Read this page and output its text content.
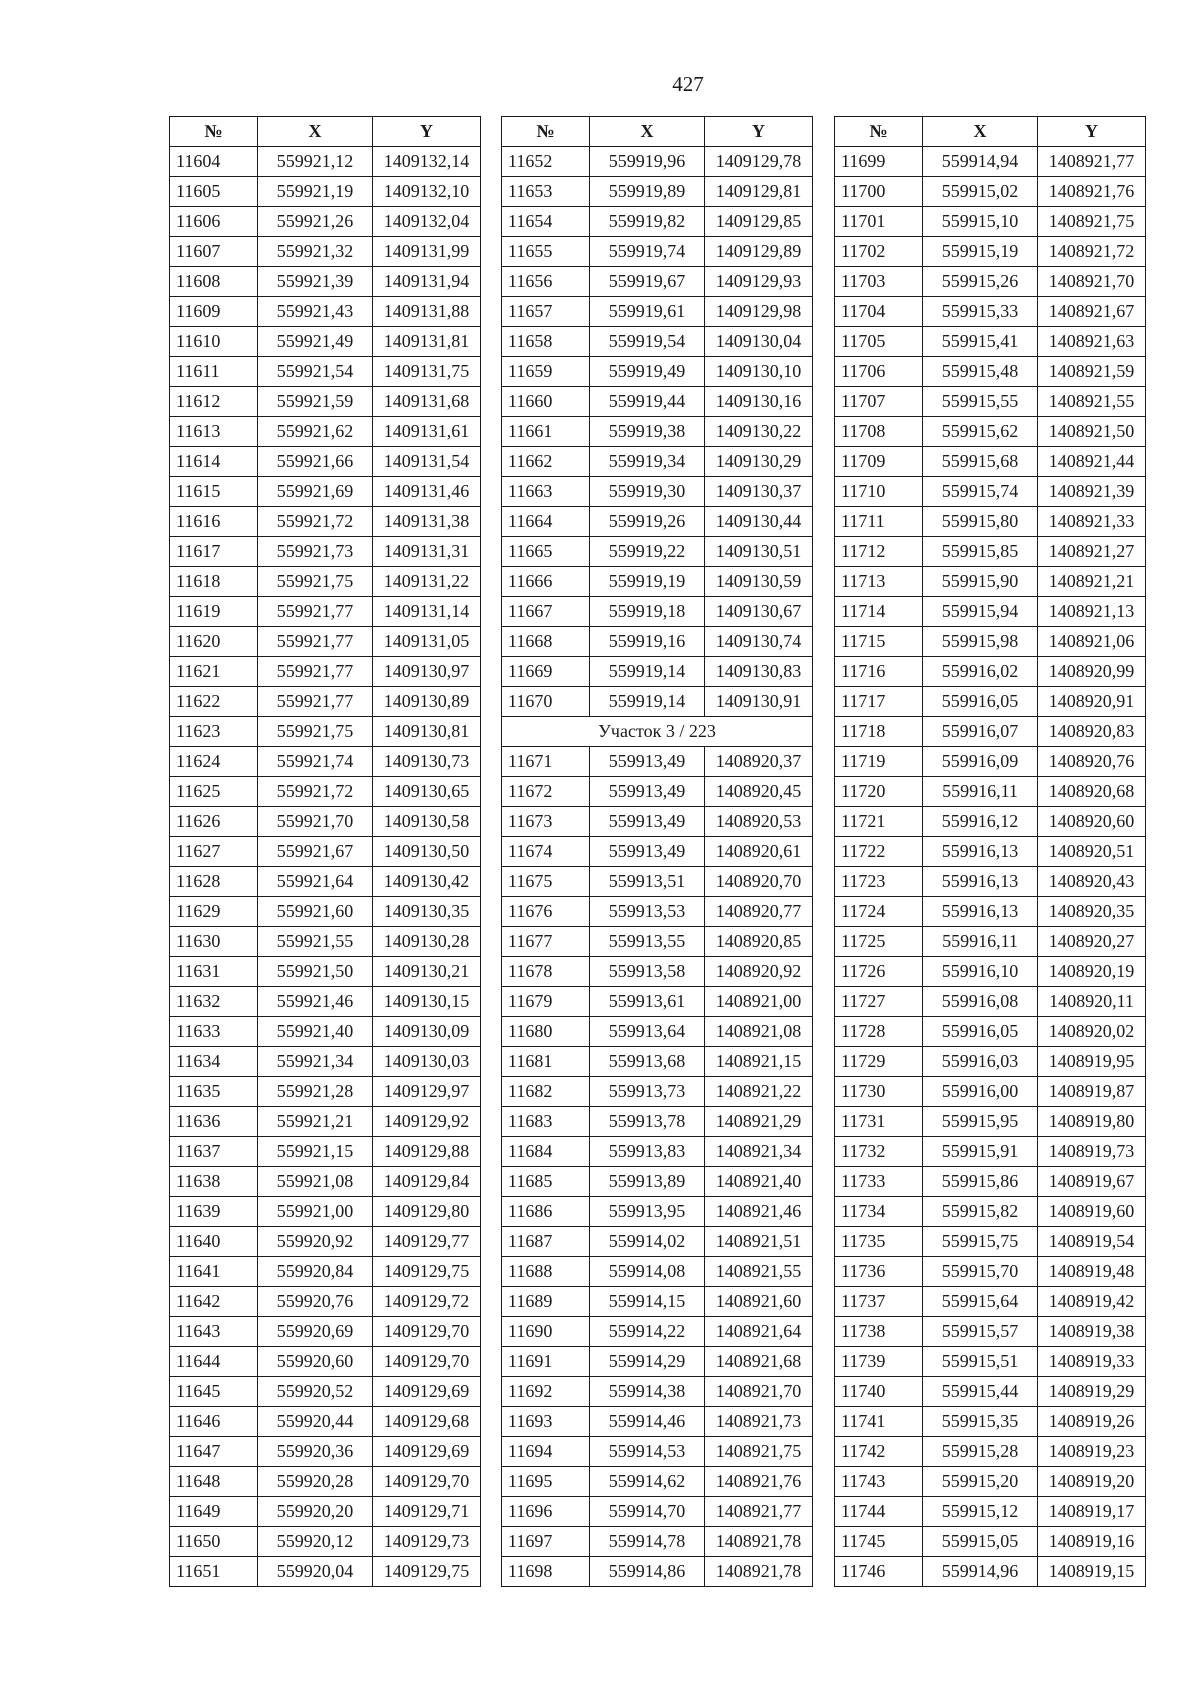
427
№	X	Y
11604	559921,12	1409132,14
11605	559921,19	1409132,10
11606	559921,26	1409132,04
11607	559921,32	1409131,99
11608	559921,39	1409131,94
11609	559921,43	1409131,88
11610	559921,49	1409131,81
11611	559921,54	1409131,75
11612	559921,59	1409131,68
11613	559921,62	1409131,61
11614	559921,66	1409131,54
11615	559921,69	1409131,46
11616	559921,72	1409131,38
11617	559921,73	1409131,31
11618	559921,75	1409131,22
11619	559921,77	1409131,14
11620	559921,77	1409131,05
11621	559921,77	1409130,97
11622	559921,77	1409130,89
11623	559921,75	1409130,81
11624	559921,74	1409130,73
11625	559921,72	1409130,65
11626	559921,70	1409130,58
11627	559921,67	1409130,50
11628	559921,64	1409130,42
11629	559921,60	1409130,35
11630	559921,55	1409130,28
11631	559921,50	1409130,21
11632	559921,46	1409130,15
11633	559921,40	1409130,09
11634	559921,34	1409130,03
11635	559921,28	1409129,97
11636	559921,21	1409129,92
11637	559921,15	1409129,88
11638	559921,08	1409129,84
11639	559921,00	1409129,80
11640	559920,92	1409129,77
11641	559920,84	1409129,75
11642	559920,76	1409129,72
11643	559920,69	1409129,70
11644	559920,60	1409129,70
11645	559920,52	1409129,69
11646	559920,44	1409129,68
11647	559920,36	1409129,69
11648	559920,28	1409129,70
11649	559920,20	1409129,71
11650	559920,12	1409129,73
11651	559920,04	1409129,75
№	X	Y
11652	559919,96	1409129,78
11653	559919,89	1409129,81
11654	559919,82	1409129,85
11655	559919,74	1409129,89
11656	559919,67	1409129,93
11657	559919,61	1409129,98
11658	559919,54	1409130,04
11659	559919,49	1409130,10
11660	559919,44	1409130,16
11661	559919,38	1409130,22
11662	559919,34	1409130,29
11663	559919,30	1409130,37
11664	559919,26	1409130,44
11665	559919,22	1409130,51
11666	559919,19	1409130,59
11667	559919,18	1409130,67
11668	559919,16	1409130,74
11669	559919,14	1409130,83
11670	559919,14	1409130,91
Участок 3 / 223		
11671	559913,49	1408920,37
11672	559913,49	1408920,45
11673	559913,49	1408920,53
11674	559913,49	1408920,61
11675	559913,51	1408920,70
11676	559913,53	1408920,77
11677	559913,55	1408920,85
11678	559913,58	1408920,92
11679	559913,61	1408921,00
11680	559913,64	1408921,08
11681	559913,68	1408921,15
11682	559913,73	1408921,22
11683	559913,78	1408921,29
11684	559913,83	1408921,34
11685	559913,89	1408921,40
11686	559913,95	1408921,46
11687	559914,02	1408921,51
11688	559914,08	1408921,55
11689	559914,15	1408921,60
11690	559914,22	1408921,64
11691	559914,29	1408921,68
11692	559914,38	1408921,70
11693	559914,46	1408921,73
11694	559914,53	1408921,75
11695	559914,62	1408921,76
11696	559914,70	1408921,77
11697	559914,78	1408921,78
11698	559914,86	1408921,78
№	X	Y
11699	559914,94	1408921,77
11700	559915,02	1408921,76
11701	559915,10	1408921,75
11702	559915,19	1408921,72
11703	559915,26	1408921,70
11704	559915,33	1408921,67
11705	559915,41	1408921,63
11706	559915,48	1408921,59
11707	559915,55	1408921,55
11708	559915,62	1408921,50
11709	559915,68	1408921,44
11710	559915,74	1408921,39
11711	559915,80	1408921,33
11712	559915,85	1408921,27
11713	559915,90	1408921,21
11714	559915,94	1408921,13
11715	559915,98	1408921,06
11716	559916,02	1408920,99
11717	559916,05	1408920,91
11718	559916,07	1408920,83
11719	559916,09	1408920,76
11720	559916,11	1408920,68
11721	559916,12	1408920,60
11722	559916,13	1408920,51
11723	559916,13	1408920,43
11724	559916,13	1408920,35
11725	559916,11	1408920,27
11726	559916,10	1408920,19
11727	559916,08	1408920,11
11728	559916,05	1408920,02
11729	559916,03	1408919,95
11730	559916,00	1408919,87
11731	559915,95	1408919,80
11732	559915,91	1408919,73
11733	559915,86	1408919,67
11734	559915,82	1408919,60
11735	559915,75	1408919,54
11736	559915,70	1408919,48
11737	559915,64	1408919,42
11738	559915,57	1408919,38
11739	559915,51	1408919,33
11740	559915,44	1408919,29
11741	559915,35	1408919,26
11742	559915,28	1408919,23
11743	559915,20	1408919,20
11744	559915,12	1408919,17
11745	559915,05	1408919,16
11746	559914,96	1408919,15
